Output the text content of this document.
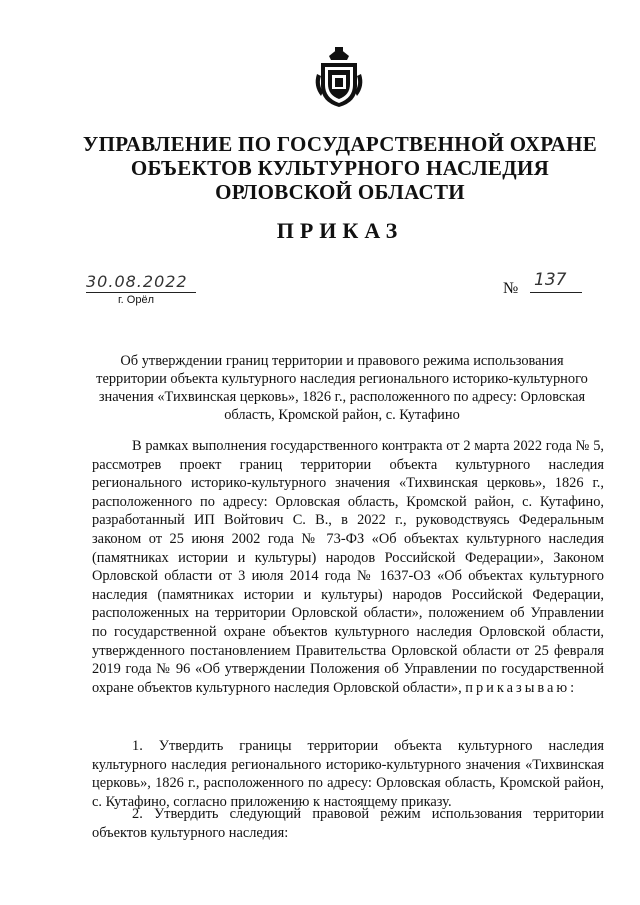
УПРАВЛЕНИЕ ПО ГОСУДАРСТВЕННОЙ ОХРАНЕ
ОБЪЕКТОВ КУЛЬТУРНОГО НАСЛЕДИЯ
ОРЛОВСКОЙ ОБЛАСТИ
ПРИКАЗ
30.08.2022
г. Орёл
№ 137
Об утверждении границ территории и правового режима использования территории объекта культурного наследия регионального историко-культурного значения «Тихвинская церковь», 1826 г., расположенного по адресу: Орловская область, Кромской район, с. Кутафино
В рамках выполнения государственного контракта от 2 марта 2022 года № 5, рассмотрев проект границ территории объекта культурного наследия регионального историко-культурного значения «Тихвинская церковь», 1826 г., расположенного по адресу: Орловская область, Кромской район, с. Кутафино, разработанный ИП Войтович С. В., в 2022 г., руководствуясь Федеральным законом от 25 июня 2002 года № 73-ФЗ «Об объектах культурного наследия (памятниках истории и культуры) народов Российской Федерации», Законом Орловской области от 3 июля 2014 года № 1637-ОЗ «Об объектах культурного наследия (памятниках истории и культуры) народов Российской Федерации, расположенных на территории Орловской области», положением об Управлении по государственной охране объектов культурного наследия Орловской области, утвержденного постановлением Правительства Орловской области от 25 февраля 2019 года № 96 «Об утверждении Положения об Управлении по государственной охране объектов культурного наследия Орловской области», приказываю:
1. Утвердить границы территории объекта культурного наследия культурного наследия регионального историко-культурного значения «Тихвинская церковь», 1826 г., расположенного по адресу: Орловская область, Кромской район, с. Кутафино, согласно приложению к настоящему приказу.
2. Утвердить следующий правовой режим использования территории объектов культурного наследия:
